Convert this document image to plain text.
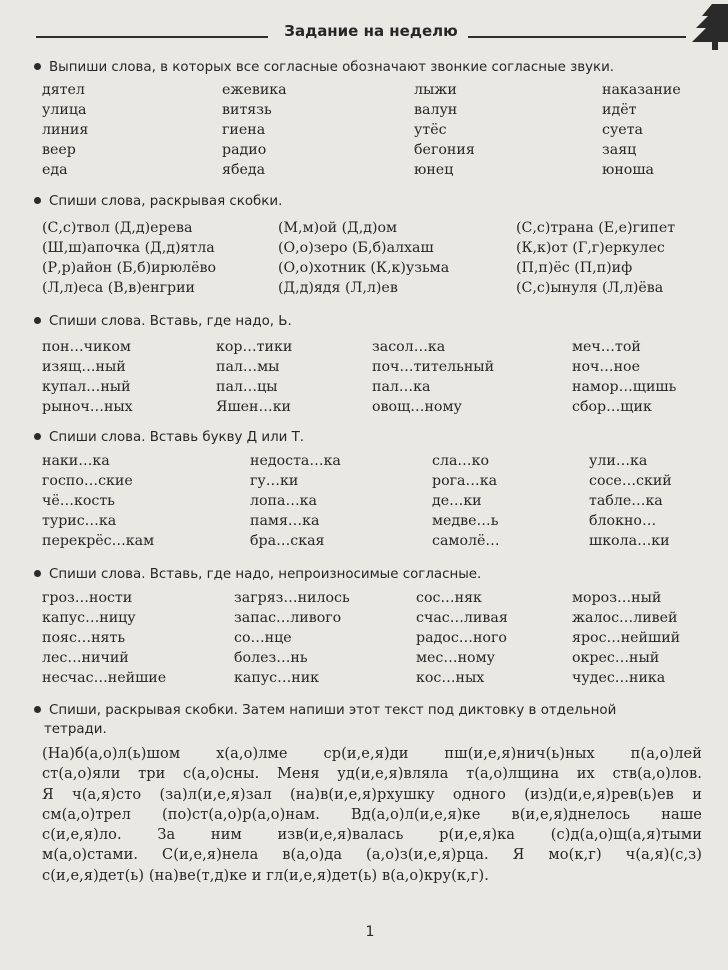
Задание на неделю
Выпиши слова, в которых все согласные обозначают звонкие согласные звуки.
дятел
улица
линия
веер
еда
ежевика
витязь
гиена
радио
ябеда
лыжи
валун
утёс
бегония
юнец
наказание
идёт
суета
заяц
юноша
Спиши слова, раскрывая скобки.
(С,с)твол (Д,д)ерева
(Ш,ш)апочка (Д,д)ятла
(Р,р)айон (Б,б)ирюлёво
(Л,л)еса (В,в)енгрии
(М,м)ой (Д,д)ом
(О,о)зеро (Б,б)алхаш
(О,о)хотник (К,к)узьма
(Д,д)ядя (Л,л)ев
(С,с)трана (Е,е)гипет
(К,к)от (Г,г)еркулес
(П,п)ёс (П,п)иф
(С,с)ынуля (Л,л)ёва
Спиши слова. Вставь, где надо, Ь.
пон…чиком
изящ…ный
купал…ный
рыноч…ных
кор…тики
пал…мы
пал…цы
Яшен…ки
засол…ка
поч…тительный
пал…ка
овощ…ному
меч…той
ноч…ное
намор…щишь
сбор…щик
Спиши слова. Вставь букву Д или Т.
наки…ка
госпо…ские
чё…кость
турис…ка
перекрёс…кам
недоста…ка
гу…ки
лопа…ка
памя…ка
бра…ская
сла…ко
рога…ка
де…ки
медве…ь
самолё…
ули…ка
сосе…ский
табле…ка
блокно…
школа…ки
Спиши слова. Вставь, где надо, непроизносимые согласные.
гроз…ности
капус…ницу
пояс…нять
лес…ничий
несчас…нейшие
загряз…нилось
запас…ливого
со…нце
болез…нь
капус…ник
сос…няк
счас…ливая
радос…ного
мес…ному
кос…ных
мороз…ный
жалос…ливей
ярос…нейший
окрес…ный
чудес…ника
Спиши, раскрывая скобки. Затем напиши этот текст под диктовку в отдельной
тетради.
(На)б(а,о)л(ь)шом х(а,о)лме ср(и,е,я)ди пш(и,е,я)нич(ь)ных п(а,о)лей
ст(а,о)яли три с(а,о)сны. Меня уд(и,е,я)вляла т(а,о)лщина их ств(а,о)лов.
Я ч(а,я)сто (за)л(и,е,я)зал (на)в(и,е,я)рхушку одного (из)д(и,е,я)рев(ь)ев и
см(а,о)трел (по)ст(а,о)р(а,о)нам. Вд(а,о)л(и,е,я)ке в(и,е,я)днелось наше
с(и,е,я)ло. За ним изв(и,е,я)валась р(и,е,я)ка (с)д(а,о)щ(а,я)тыми
м(а,о)стами. С(и,е,я)нела в(а,о)да (а,о)з(и,е,я)рца. Я мо(к,г) ч(а,я)(с,з)
с(и,е,я)дет(ь) (на)ве(т,д)ке и гл(и,е,я)дет(ь) в(а,о)кру(к,г).
1
